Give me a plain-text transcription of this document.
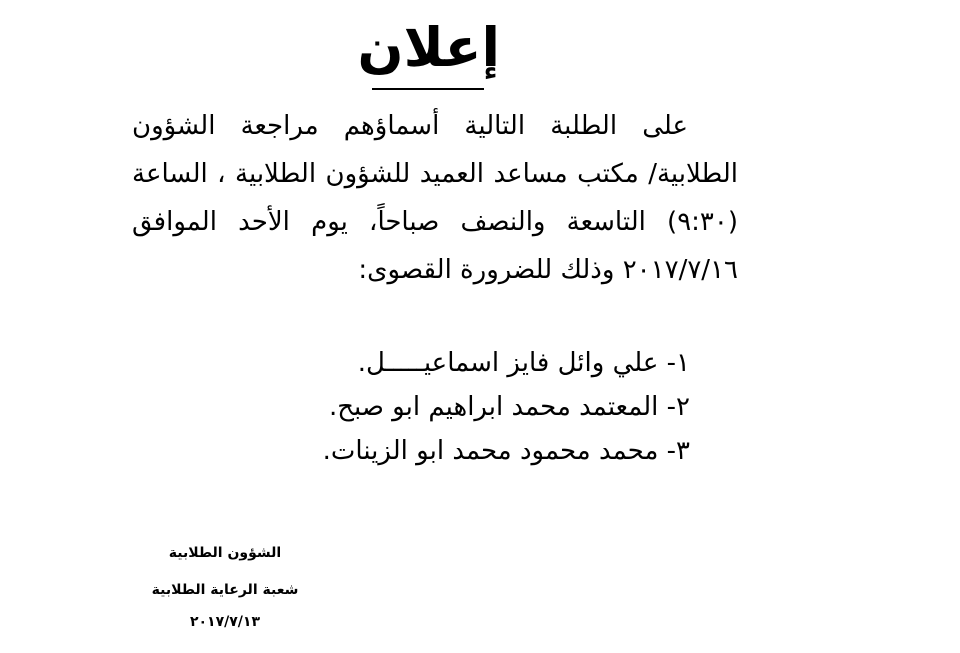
إعلان

على الطلبة التالية أسماؤهم مراجعة الشؤون الطلابية/ مكتب مساعد العميد للشؤون الطلابية ، الساعة (٩:٣٠) التاسعة والنصف صباحاً، يوم الأحد الموافق ٢٠١٧/٧/١٦ وذلك للضرورة القصوى:

١- علي وائل فايز اسماعيـــــل.
٢- المعتمد محمد ابراهيم ابو صبح.
٣- محمد محمود محمد ابو الزينات.
الشؤون الطلابية
شعبة الرعاية الطلابية
٢٠١٧/٧/١٣
